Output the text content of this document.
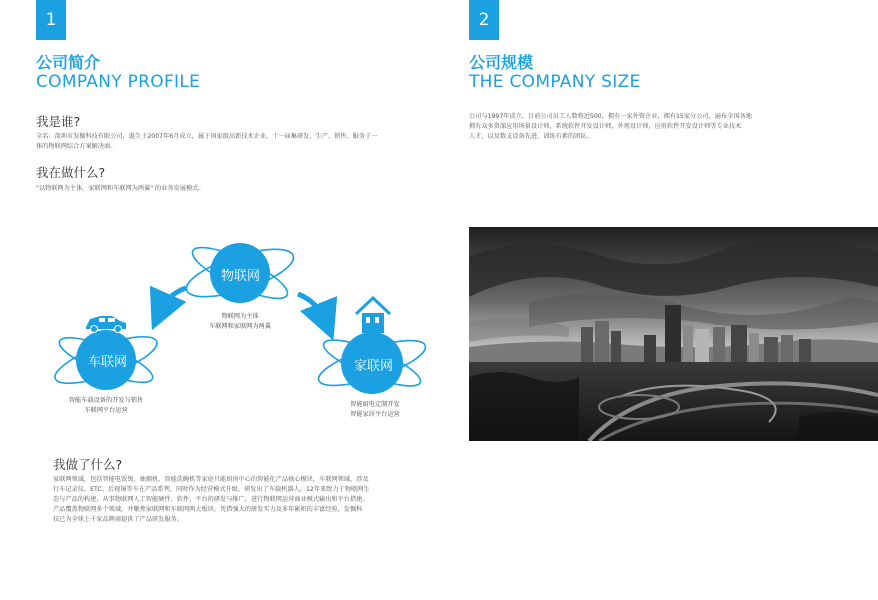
1
公司简介
COMPANY PROFILE
我是谁?
全名：深圳市发掘科技有限公司，诞生于2007年6月成立，属于国家级高新技术企业，十一届集研发、生产、销售、服务于一
体的物联网综合方案解决商。
我在做什么?
"以物联网为主体，家联网和车联网为两翼" 的业务发展模式。
物联网
车联网	家联网
物联网为主体
车联网和家联网为两翼
智能车载设备的开发与销售
车联网平台运营
智能厨电定制开发
智能家居平台运营
我做了什么?
家联网领域，包括智能电饭煲、抽烟机、智能洗碗机等家庭只能厨房中心的智能化产品核心模块，车联网领域，涉及
行车记录仪、ETC、后视镜等车在产品系列，同时作为经营模式升级，研发出了车载机器人。12年来致力于物联网生
态与产品的构建，从事物联网人工智能硬件、软件、平台的研发与推广，进行物联网运营商业模式输出和平台搭建。
产品覆盖物联网多个领域，并聚焦家联网和车联网两大板块，凭借强大的研发实力及多年累积的丰富经验，发掘科
技已为全球上千家品牌商提供了产品研发服务。
2
公司规模
THE COMPANY SIZE
公司与1997年成立，目前公司员工人数将近500，拥有一家外资企业，拥有15家分公司，遍布全国各地
拥有众多资深应用场景设计师，系统软件开发设计师，外观设计师，应用软件开发设计师等专业技术
人才，以及数支设备先进，训练有素的团队。
